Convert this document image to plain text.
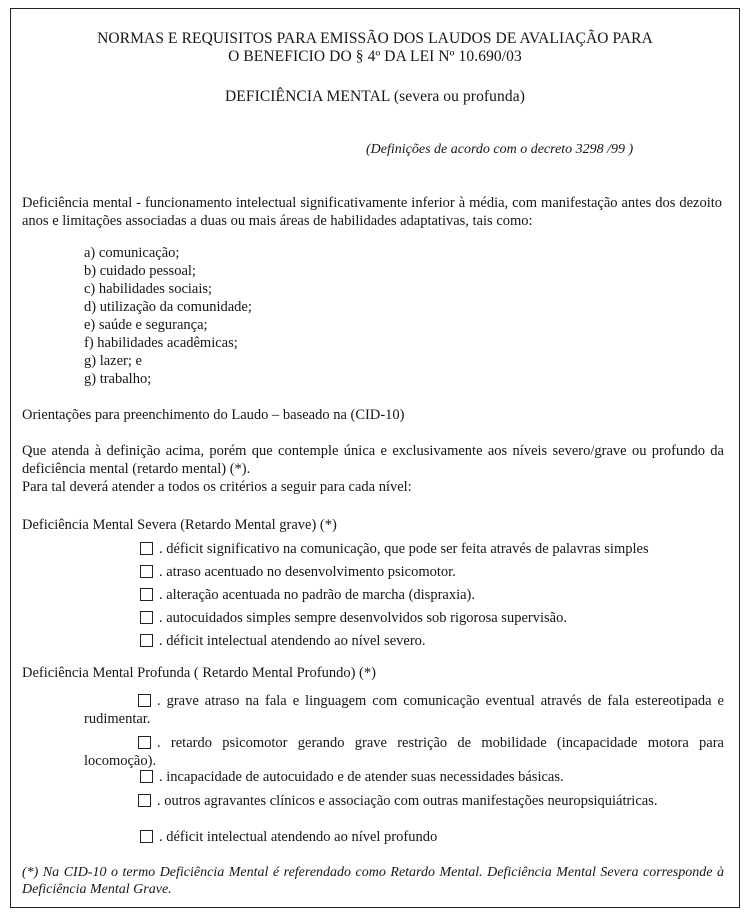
NORMAS E REQUISITOS PARA EMISSÃO DOS LAUDOS DE AVALIAÇÃO PARA
O BENEFICIO DO § 4º DA LEI Nº 10.690/03
DEFICIÊNCIA MENTAL (severa ou profunda)
(Definições de acordo com o decreto 3298 /99 )
Deficiência mental - funcionamento intelectual significativamente inferior à média, com manifestação antes dos dezoito anos e limitações associadas a duas ou mais áreas de habilidades adaptativas, tais como:
a) comunicação;
b) cuidado pessoal;
c) habilidades sociais;
d) utilização da comunidade;
e) saúde e segurança;
f) habilidades acadêmicas;
g) lazer; e
g) trabalho;
Orientações para preenchimento do Laudo – baseado na (CID-10)
Que atenda à definição acima, porém que contemple única e exclusivamente aos níveis severo/grave ou profundo da deficiência mental (retardo mental) (*).
Para tal deverá atender a todos os critérios a seguir para cada nível:
Deficiência Mental Severa (Retardo Mental grave) (*)
. déficit significativo na comunicação, que pode ser feita através de palavras simples
. atraso acentuado no desenvolvimento psicomotor.
. alteração acentuada no padrão de marcha (dispraxia).
. autocuidados simples sempre desenvolvidos sob rigorosa supervisão.
. déficit intelectual atendendo ao nível severo.
Deficiência Mental Profunda ( Retardo Mental Profundo) (*)
. grave atraso na fala e linguagem com comunicação eventual através de fala estereotipada e rudimentar.
. retardo psicomotor gerando grave restrição de mobilidade (incapacidade motora para locomoção).
. incapacidade de autocuidado e de atender suas necessidades básicas.
. outros agravantes clínicos e associação com outras manifestações neuropsiquiátricas.
. déficit intelectual atendendo ao nível profundo
(*) Na CID-10 o termo Deficiência Mental é referendado como Retardo Mental. Deficiência Mental Severa corresponde à Deficiência Mental Grave.
